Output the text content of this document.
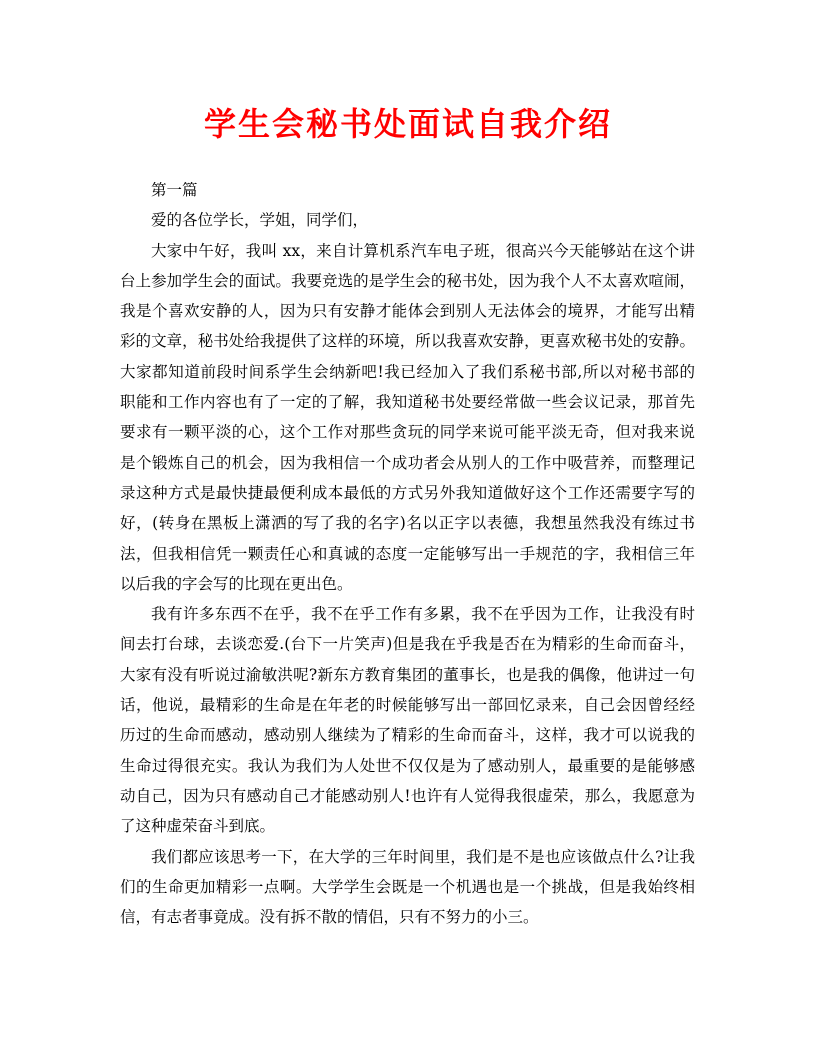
学生会秘书处面试自我介绍
第一篇
爱的各位学长，学姐，同学们，
大家中午好，我叫 xx，来自计算机系汽车电子班，很高兴今天能够站在这个讲
台上参加学生会的面试。我要竞选的是学生会的秘书处，因为我个人不太喜欢喧闹，
我是个喜欢安静的人，因为只有安静才能体会到别人无法体会的境界，才能写出精
彩的文章，秘书处给我提供了这样的环境，所以我喜欢安静，更喜欢秘书处的安静。
大家都知道前段时间系学生会纳新吧!我已经加入了我们系秘书部,所以对秘书部的
职能和工作内容也有了一定的了解，我知道秘书处要经常做一些会议记录，那首先
要求有一颗平淡的心，这个工作对那些贪玩的同学来说可能平淡无奇，但对我来说
是个锻炼自己的机会，因为我相信一个成功者会从别人的工作中吸营养，而整理记
录这种方式是最快捷最便利成本最低的方式另外我知道做好这个工作还需要字写的
好，(转身在黑板上潇洒的写了我的名字)名以正字以表德，我想虽然我没有练过书
法，但我相信凭一颗责任心和真诚的态度一定能够写出一手规范的字，我相信三年
以后我的字会写的比现在更出色。
我有许多东西不在乎，我不在乎工作有多累，我不在乎因为工作，让我没有时
间去打台球，去谈恋爱.(台下一片笑声)但是我在乎我是否在为精彩的生命而奋斗，
大家有没有听说过渝敏洪呢?新东方教育集团的董事长，也是我的偶像，他讲过一句
话，他说，最精彩的生命是在年老的时候能够写出一部回忆录来，自己会因曾经经
历过的生命而感动，感动别人继续为了精彩的生命而奋斗，这样，我才可以说我的
生命过得很充实。我认为我们为人处世不仅仅是为了感动别人，最重要的是能够感
动自己，因为只有感动自己才能感动别人!也许有人觉得我很虚荣，那么，我愿意为
了这种虚荣奋斗到底。
我们都应该思考一下，在大学的三年时间里，我们是不是也应该做点什么?让我
们的生命更加精彩一点啊。大学学生会既是一个机遇也是一个挑战，但是我始终相
信，有志者事竟成。没有拆不散的情侣，只有不努力的小三。
